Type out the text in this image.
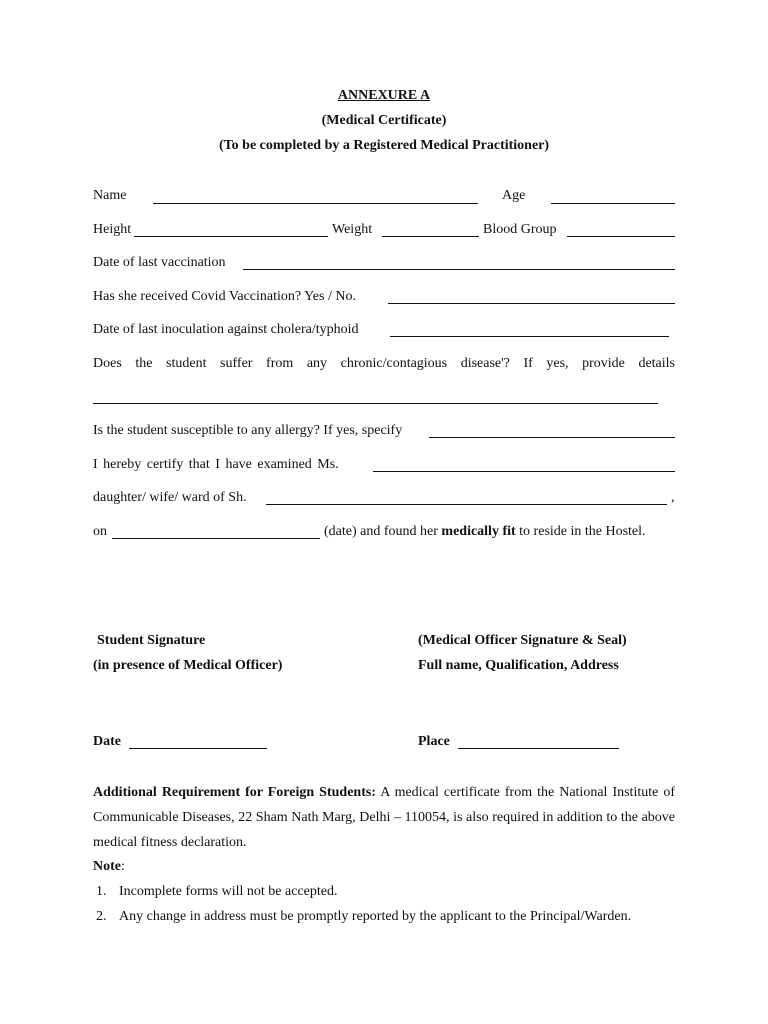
ANNEXURE A
(Medical Certificate)
(To be completed by a Registered Medical Practitioner)
Name	Age
Height	Weight	Blood Group
Date of last vaccination
Has she received Covid Vaccination? Yes / No.
Date of last inoculation against cholera/typhoid
Does the student suffer from any chronic/contagious disease'? If yes, provide details
Is the student susceptible to any allergy? If yes, specify
I hereby certify that I have examined Ms.
daughter/ wife/ ward of Sh.	,
on	(date) and found her medically fit to reside in the Hostel.
Student Signature
(in presence of Medical Officer)
(Medical Officer Signature & Seal)
Full name, Qualification, Address
Date	Place
Additional Requirement for Foreign Students: A medical certificate from the National Institute of Communicable Diseases, 22 Sham Nath Marg, Delhi – 110054, is also required in addition to the above medical fitness declaration.
Note:
1. Incomplete forms will not be accepted.
2. Any change in address must be promptly reported by the applicant to the Principal/Warden.
